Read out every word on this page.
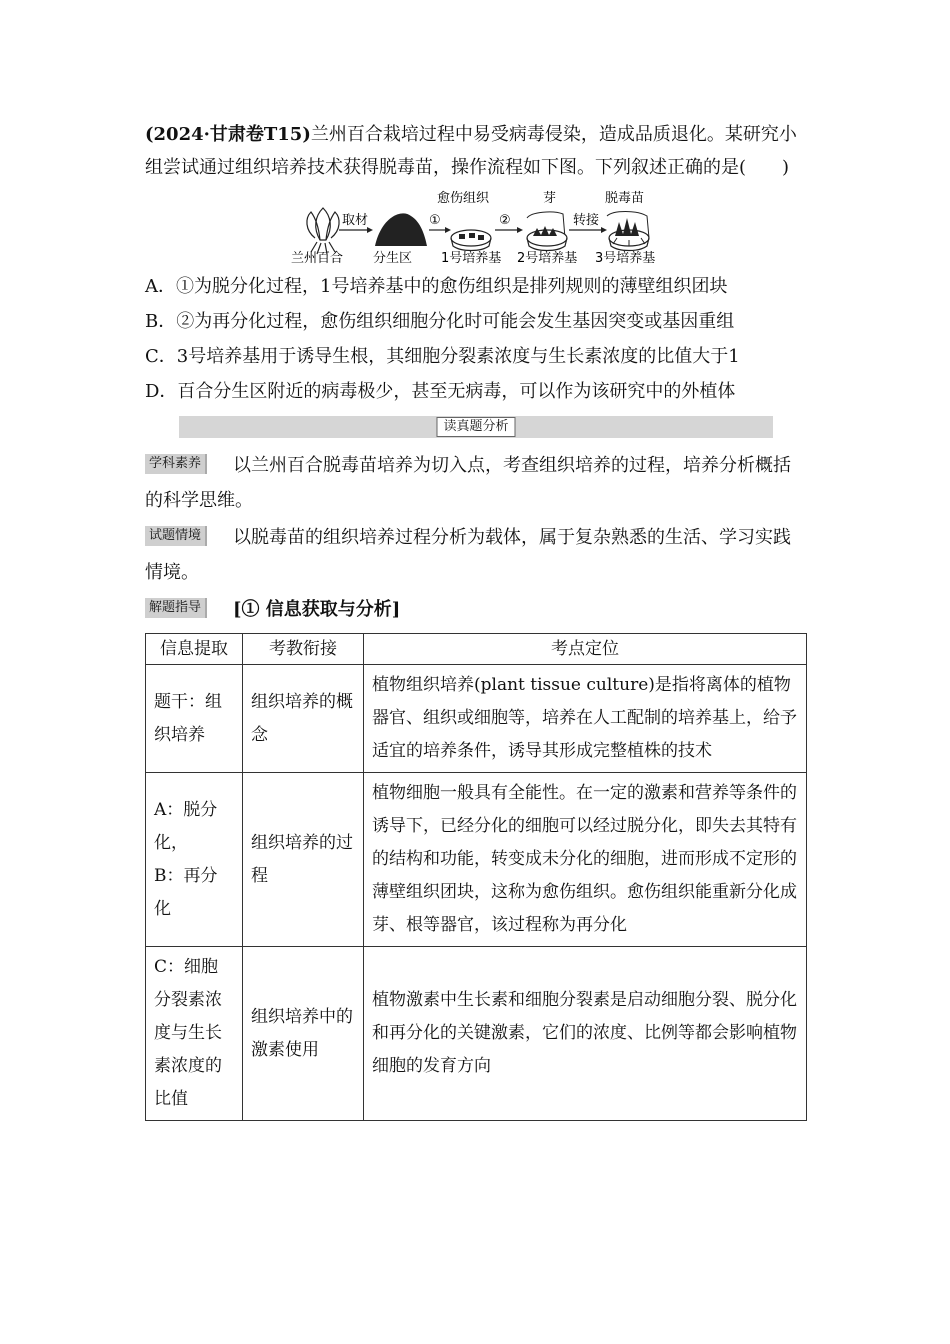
(2024·甘肃卷T15)兰州百合栽培过程中易受病毒侵染，造成品质退化。某研究小组尝试通过组织培养技术获得脱毒苗，操作流程如下图。下列叙述正确的是(　　)
兰州百合
取材
分生区
①
愈伤组织
1号培养基
②
芽
2号培养基
转接
脱毒苗
3号培养基
A．①为脱分化过程，1号培养基中的愈伤组织是排列规则的薄壁组织团块
B．②为再分化过程，愈伤组织细胞分化时可能会发生基因突变或基因重组
C．3号培养基用于诱导生根，其细胞分裂素浓度与生长素浓度的比值大于1
D．百合分生区附近的病毒极少，甚至无病毒，可以作为该研究中的外植体
读真题分析
学科素养 以兰州百合脱毒苗培养为切入点，考查组织培养的过程，培养分析概括的科学思维。
试题情境 以脱毒苗的组织培养过程分析为载体，属于复杂熟悉的生活、学习实践情境。
解题指导 [① 信息获取与分析]
信息提取	考教衔接	考点定位
题干：组织培养	组织培养的概念	植物组织培养(plant tissue culture)是指将离体的植物器官、组织或细胞等，培养在人工配制的培养基上，给予适宜的培养条件，诱导其形成完整植株的技术
A：脱分化，
B：再分化	组织培养的过程	植物细胞一般具有全能性。在一定的激素和营养等条件的诱导下，已经分化的细胞可以经过脱分化，即失去其特有的结构和功能，转变成未分化的细胞，进而形成不定形的薄壁组织团块，这称为愈伤组织。愈伤组织能重新分化成芽、根等器官，该过程称为再分化
C：细胞分裂素浓度与生长素浓度的比值	组织培养中的激素使用	植物激素中生长素和细胞分裂素是启动细胞分裂、脱分化和再分化的关键激素，它们的浓度、比例等都会影响植物细胞的发育方向
